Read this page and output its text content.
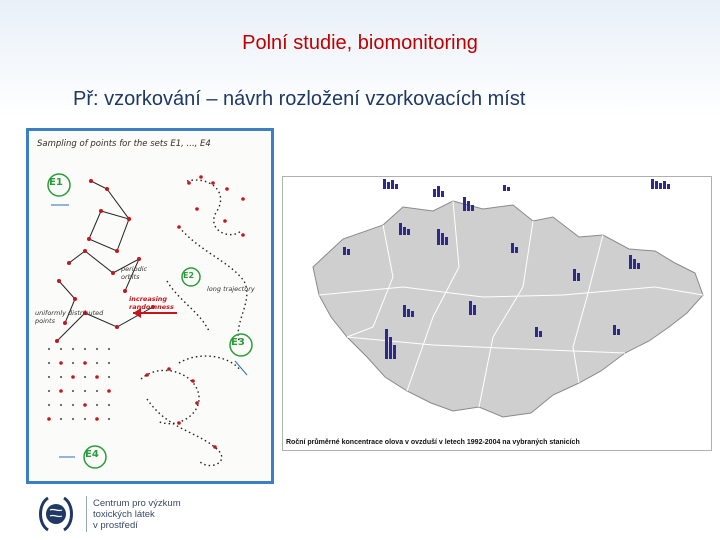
Polní studie, biomonitoring
Př: vzorkování – návrh rozložení vzorkovacích míst
Sampling of points for the sets E1, ..., E4
E1
E2
E3
E4
periodic orbits
increasing randomness
long trajectory
uniformly distributed points
Roční průměrné koncentrace olova v ovzduší v letech 1992-2004 na vybraných stanicích
Centrum pro výzkum
toxických látek
v prostředí
